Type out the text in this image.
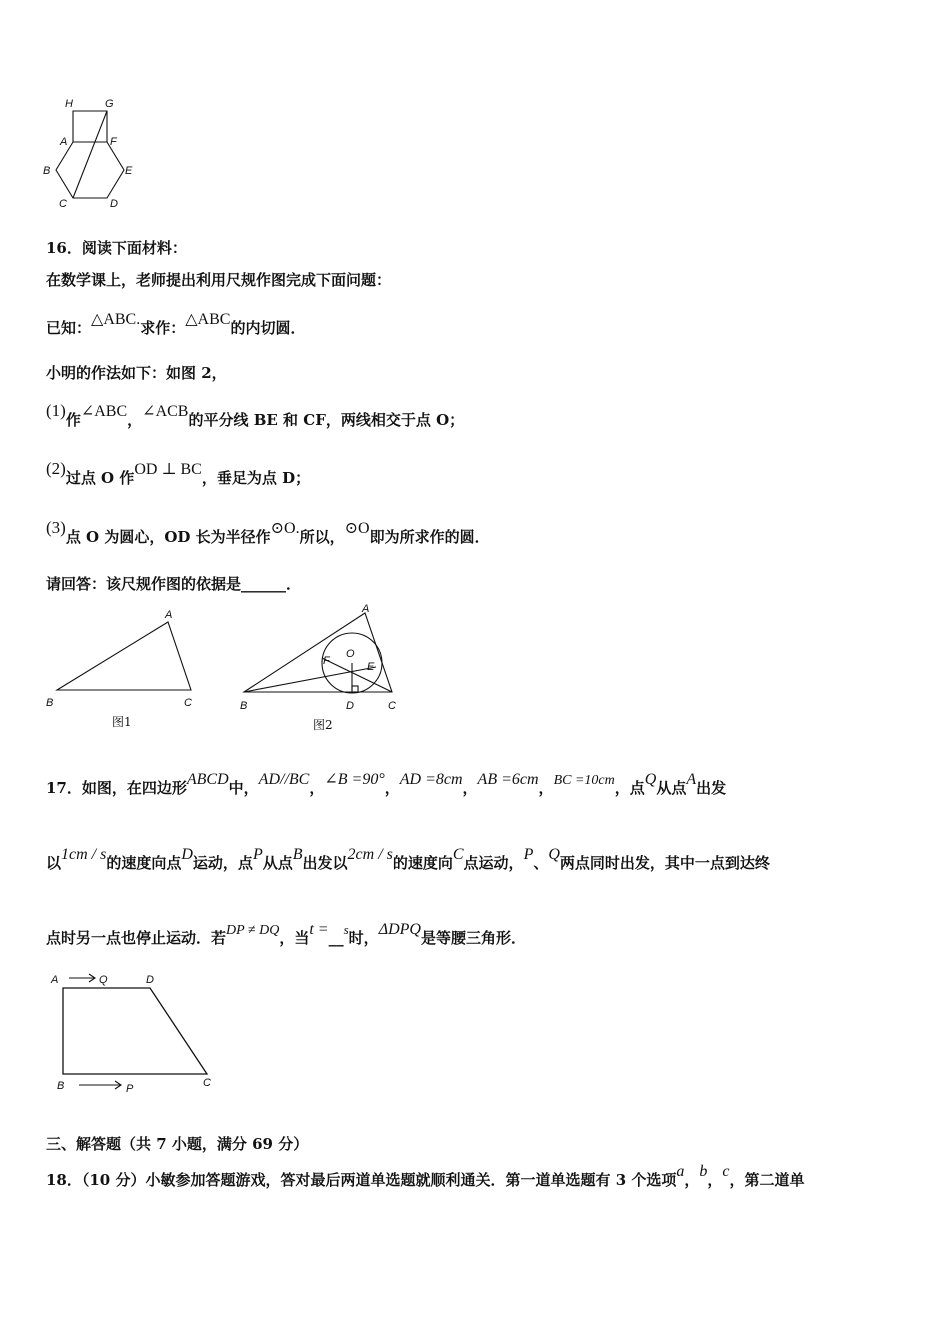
H	G
A	F
B	E
C	D
16．阅读下面材料：
在数学课上，老师提出利用尺规作图完成下面问题：
已知：△ABC.求作：△ABC的内切圆．
小明的作法如下：如图 2，
(1)作∠ABC，∠ACB的平分线 BE 和 CF，两线相交于点 O；
(2)过点 O 作OD ⊥ BC，垂足为点 D；
(3)点 O 为圆心，OD 长为半径作⊙O.所以，⊙O即为所求作的圆．
请回答：该尺规作图的依据是______．
A
B	C
图1
A
O
F	E
B	D	C
图2
17．如图，在四边形ABCD中，AD//BC，∠B =90°，AD =8cm，AB =6cm，BC =10cm，点Q从点A出发
以1cm / s的速度向点D运动，点P从点B出发以2cm / s的速度向C点运动，P、Q两点同时出发，其中一点到达终
点时另一点也停止运动．若DP ≠ DQ，当t =__s时，ΔDPQ是等腰三角形．
A	Q	D
B	P	C
三、解答题（共 7 小题，满分 69 分）
18．（10 分）小敏参加答题游戏，答对最后两道单选题就顺利通关．第一道单选题有 3 个选项a，b，c，第二道单
